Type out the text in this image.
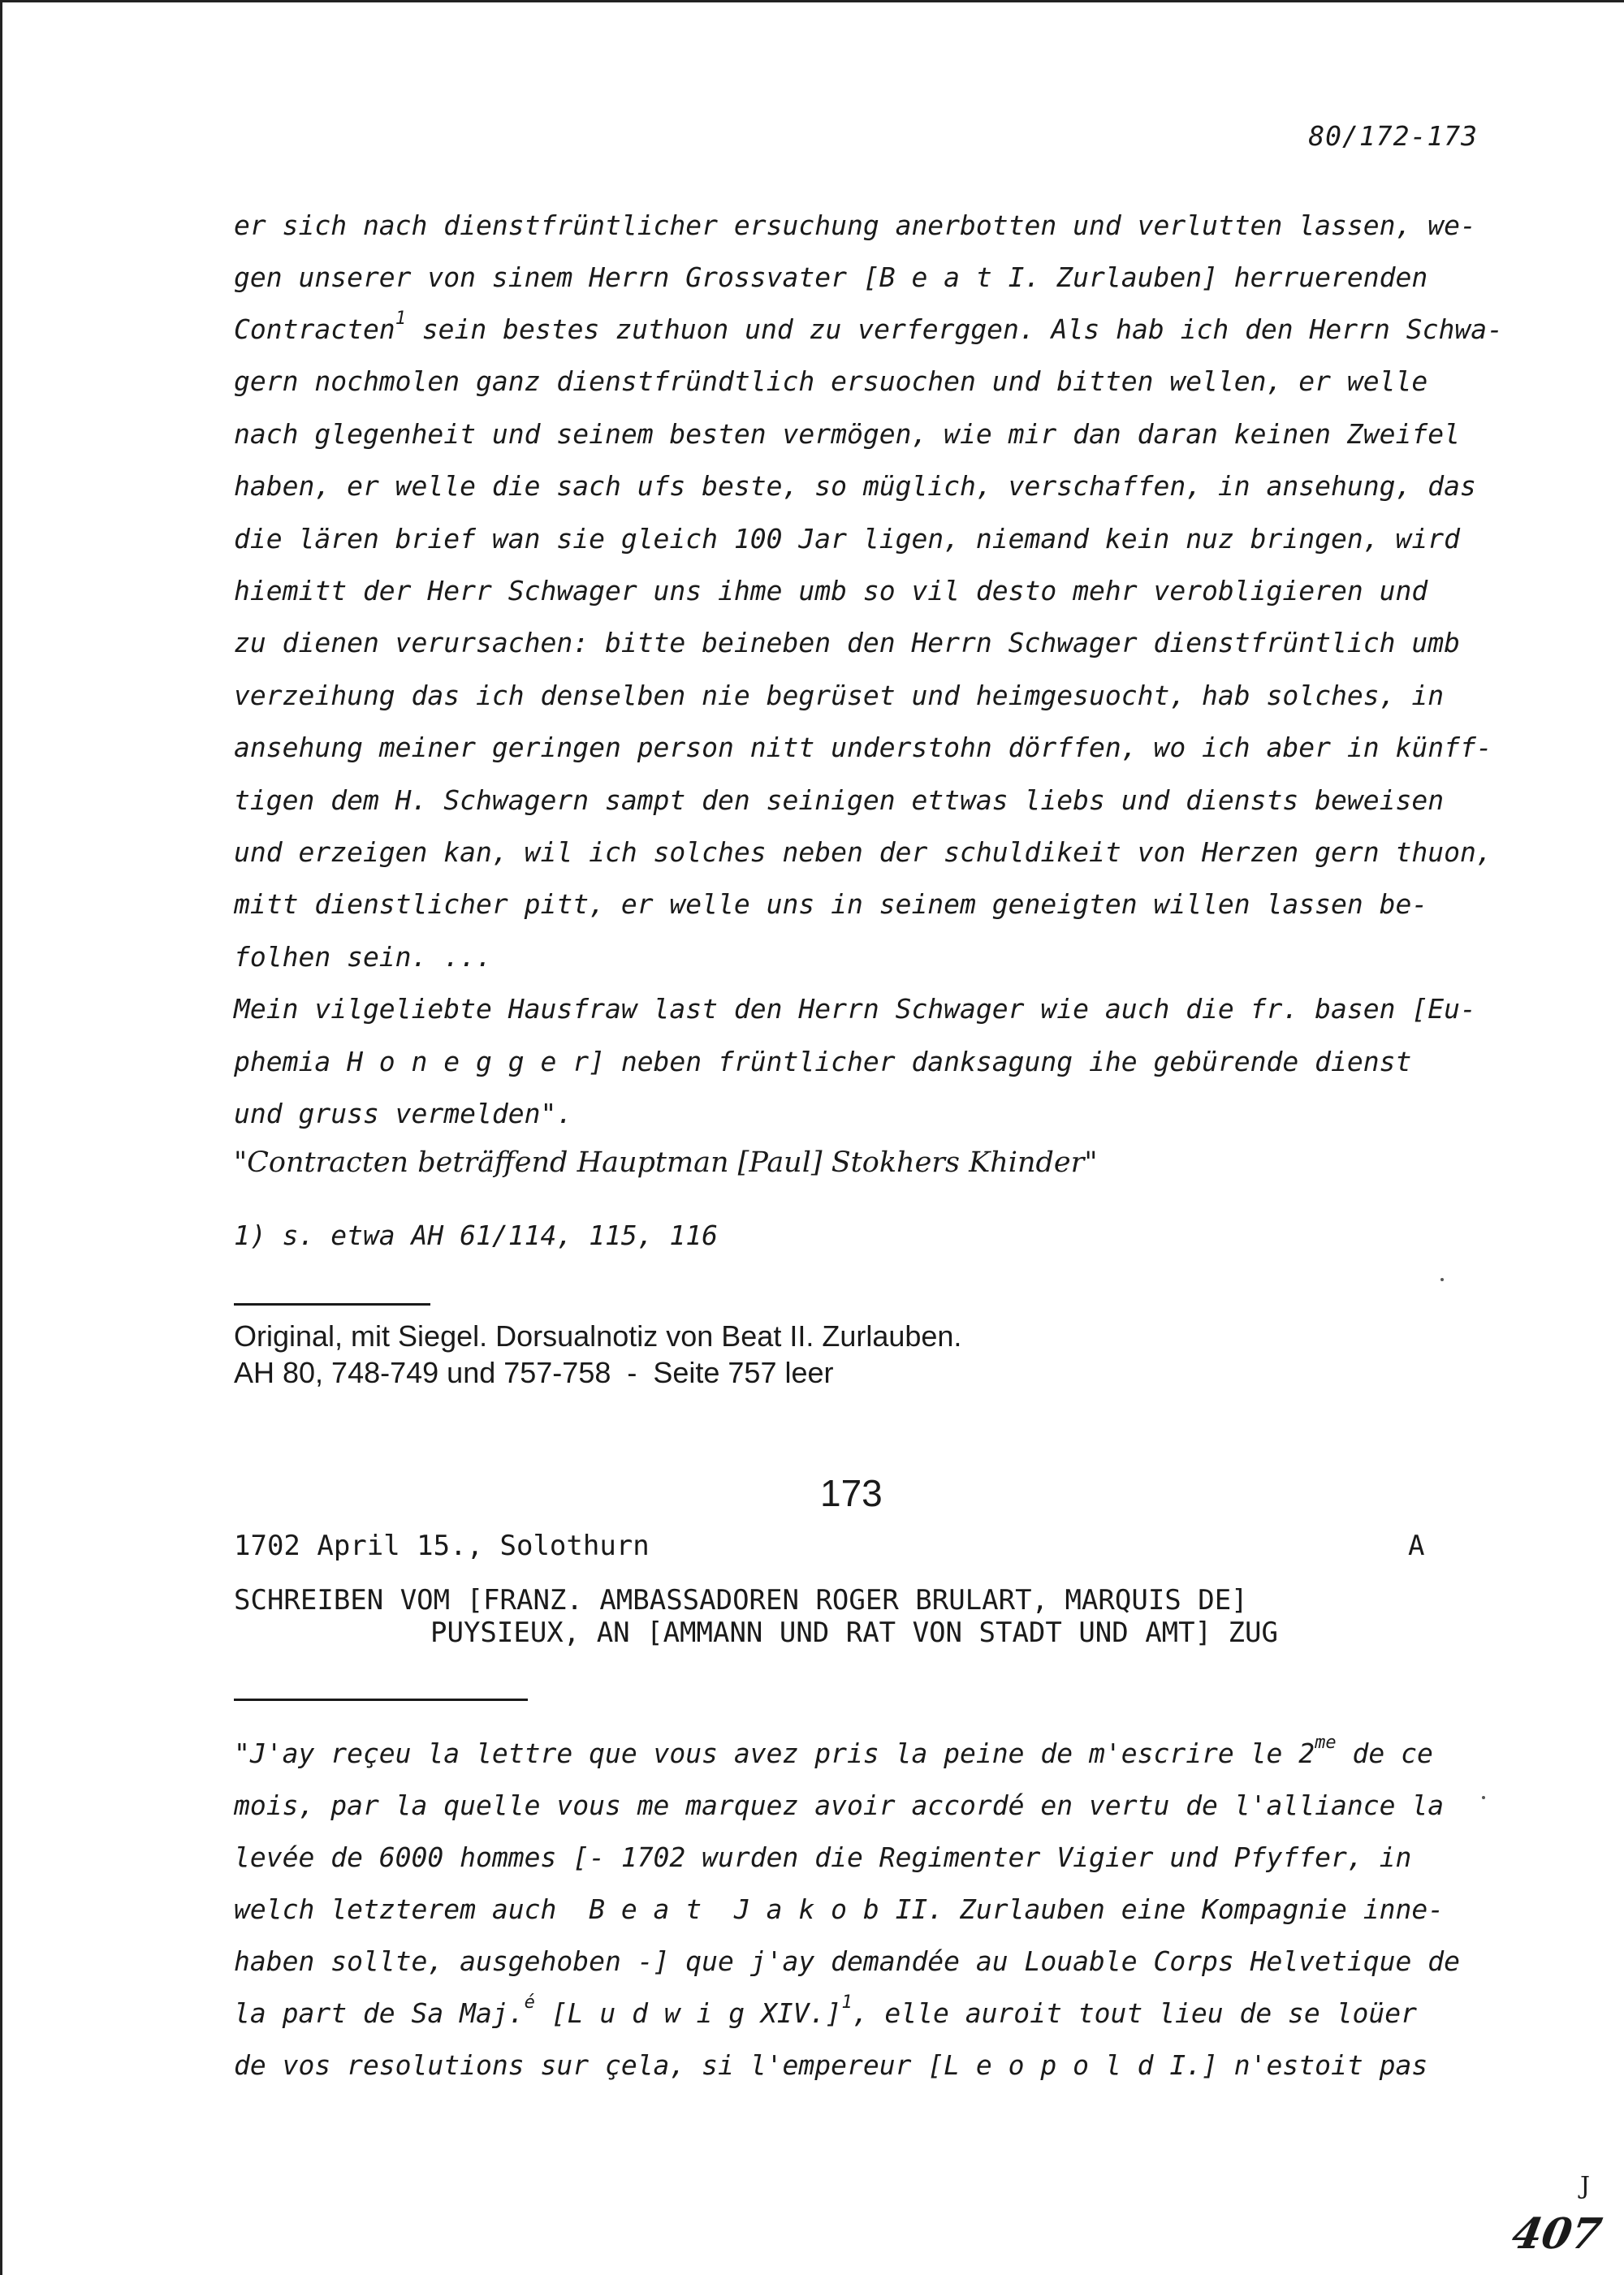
80/172-173
er sich nach dienstfrüntlicher ersuchung anerbotten und verlutten lassen, we-
gen unserer von sinem Herrn Grossvater [B e a t I. Zurlauben] herruerenden
Contracten$^1$ sein bestes zuthuon und zu verferggen. Als hab ich den Herrn Schwa-
gern nochmolen ganz dienstfründtlich ersuochen und bitten wellen, er welle
nach glegenheit und seinem besten vermögen, wie mir dan daran keinen Zweifel
haben, er welle die sach ufs beste, so müglich, verschaffen, in ansehung, das
die lären brief wan sie gleich 100 Jar ligen, niemand kein nuz bringen, wird
hiemitt der Herr Schwager uns ihme umb so vil desto mehr verobligieren und
zu dienen verursachen: bitte beineben den Herrn Schwager dienstfrüntlich umb
verzeihung das ich denselben nie begrüset und heimgesuocht, hab solches, in
ansehung meiner geringen person nitt understohn dörffen, wo ich aber in künff-
tigen dem H. Schwagern sampt den seinigen ettwas liebs und diensts beweisen
und erzeigen kan, wil ich solches neben der schuldikeit von Herzen gern thuon,
mitt dienstlicher pitt, er welle uns in seinem geneigten willen lassen be-
folhen sein. ...
Mein vilgeliebte Hausfraw last den Herrn Schwager wie auch die fr. basen [Eu-
phemia H o n e g g e r] neben früntlicher danksagung ihe gebürende dienst
und gruss vermelden".
"Contracten beträffend Hauptman [Paul] Stokhers Khinder"
1) s. etwa AH 61/114, 115, 116
Original, mit Siegel. Dorsualnotiz von Beat II. Zurlauben.
AH 80, 748-749 und 757-758  -  Seite 757 leer
173
1702 April 15., Solothurn	A
SCHREIBEN VOM [FRANZ. AMBASSADOREN ROGER BRULART, MARQUIS DE]
PUYSIEUX, AN [AMMANN UND RAT VON STADT UND AMT] ZUG
"J'ay reçeu la lettre que vous avez pris la peine de m'escrire le $2^{me}$ de ce
mois, par la quelle vous me marquez avoir accordé en vertu de l'alliance la
levée de 6000 hommes [- 1702 wurden die Regimenter Vigier und Pfyffer, in
welch letzterem auch  B e a t  J a k o b II. Zurlauben eine Kompagnie inne-
haben sollte, ausgehoben -] que j'ay demandée au Louable Corps Helvetique de
la part de Sa Maj.$^é$ [L u d w i g XIV.]$^1$, elle auroit tout lieu de se loüer
de vos resolutions sur çela, si l'empereur [L e o p o l d I.] n'estoit pas
J
407
